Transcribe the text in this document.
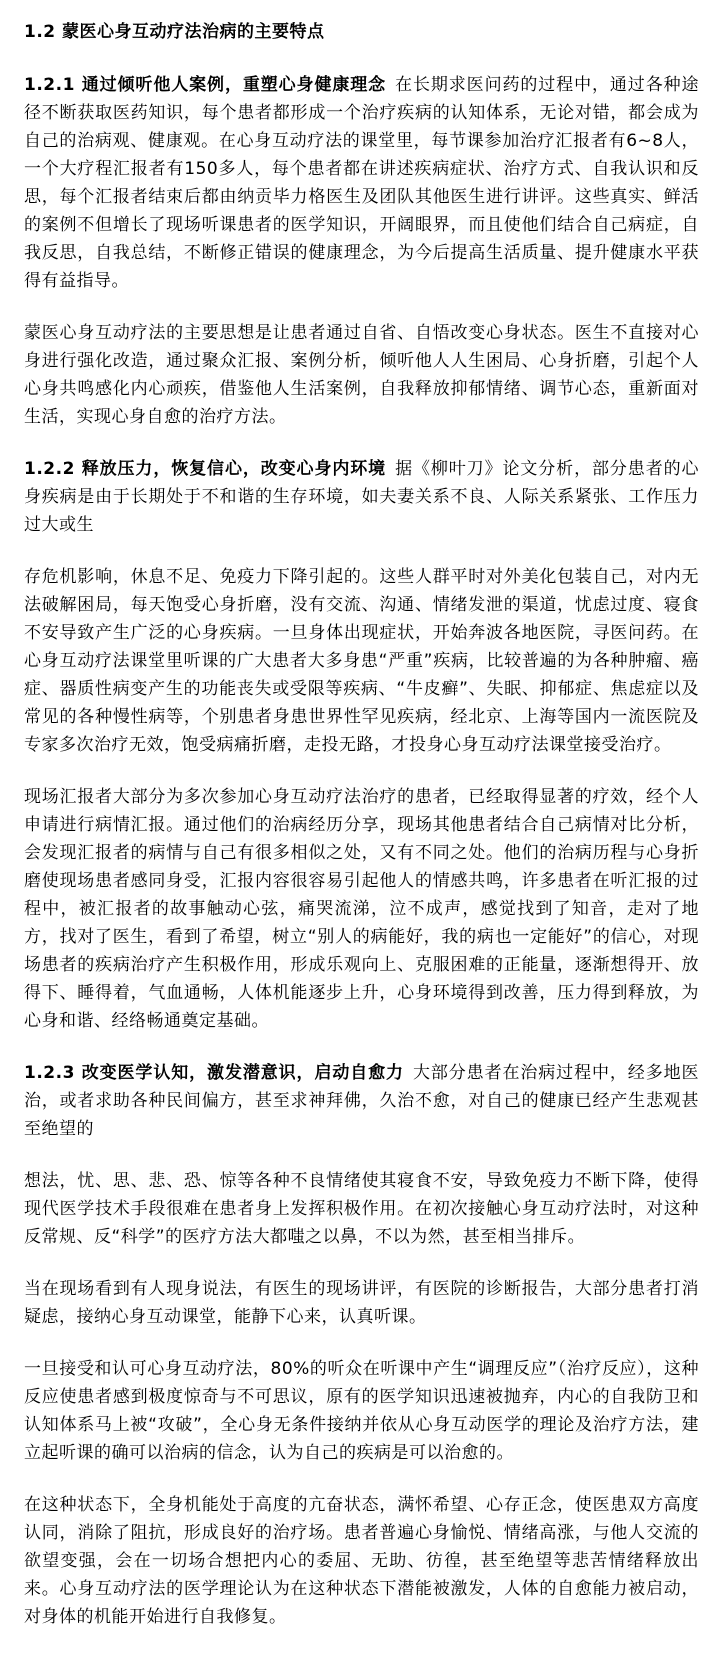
1.2 蒙医心身互动疗法治病的主要特点

1.2.1 通过倾听他人案例，重塑心身健康理念 在长期求医问药的过程中，通过各种途径不断获取医药知识，每个患者都形成一个治疗疾病的认知体系，无论对错，都会成为自己的治病观、健康观。在心身互动疗法的课堂里，每节课参加治疗汇报者有6~8人，一个大疗程汇报者有150多人，每个患者都在讲述疾病症状、治疗方式、自我认识和反思，每个汇报者结束后都由纳贡毕力格医生及团队其他医生进行讲评。这些真实、鲜活的案例不但增长了现场听课患者的医学知识，开阔眼界，而且使他们结合自己病症，自我反思，自我总结，不断修正错误的健康理念，为今后提高生活质量、提升健康水平获得有益指导。

蒙医心身互动疗法的主要思想是让患者通过自省、自悟改变心身状态。医生不直接对心身进行强化改造，通过聚众汇报、案例分析，倾听他人人生困局、心身折磨，引起个人心身共鸣感化内心顽疾，借鉴他人生活案例，自我释放抑郁情绪、调节心态，重新面对生活，实现心身自愈的治疗方法。

1.2.2 释放压力，恢复信心，改变心身内环境 据《柳叶刀》论文分析，部分患者的心身疾病是由于长期处于不和谐的生存环境，如夫妻关系不良、人际关系紧张、工作压力过大或生

存危机影响，休息不足、免疫力下降引起的。这些人群平时对外美化包装自己，对内无法破解困局，每天饱受心身折磨，没有交流、沟通、情绪发泄的渠道，忧虑过度、寝食不安导致产生广泛的心身疾病。一旦身体出现症状，开始奔波各地医院，寻医问药。在心身互动疗法课堂里听课的广大患者大多身患“严重”疾病，比较普遍的为各种肿瘤、癌症、器质性病变产生的功能丧失或受限等疾病、“牛皮癣”、失眠、抑郁症、焦虑症以及常见的各种慢性病等，个别患者身患世界性罕见疾病，经北京、上海等国内一流医院及专家多次治疗无效，饱受病痛折磨，走投无路，才投身心身互动疗法课堂接受治疗。

现场汇报者大部分为多次参加心身互动疗法治疗的患者，已经取得显著的疗效，经个人申请进行病情汇报。通过他们的治病经历分享，现场其他患者结合自己病情对比分析，会发现汇报者的病情与自己有很多相似之处，又有不同之处。他们的治病历程与心身折磨使现场患者感同身受，汇报内容很容易引起他人的情感共鸣，许多患者在听汇报的过程中，被汇报者的故事触动心弦，痛哭流涕，泣不成声，感觉找到了知音，走对了地方，找对了医生，看到了希望，树立“别人的病能好，我的病也一定能好”的信心，对现场患者的疾病治疗产生积极作用，形成乐观向上、克服困难的正能量，逐渐想得开、放得下、睡得着，气血通畅，人体机能逐步上升，心身环境得到改善，压力得到释放，为心身和谐、经络畅通奠定基础。

1.2.3 改变医学认知，激发潜意识，启动自愈力 大部分患者在治病过程中，经多地医治，或者求助各种民间偏方，甚至求神拜佛，久治不愈，对自己的健康已经产生悲观甚至绝望的

想法，忧、思、悲、恐、惊等各种不良情绪使其寝食不安，导致免疫力不断下降，使得现代医学技术手段很难在患者身上发挥积极作用。在初次接触心身互动疗法时，对这种反常规、反“科学”的医疗方法大都嗤之以鼻，不以为然，甚至相当排斥。

当在现场看到有人现身说法，有医生的现场讲评，有医院的诊断报告，大部分患者打消疑虑，接纳心身互动课堂，能静下心来，认真听课。

一旦接受和认可心身互动疗法，80%的听众在听课中产生“调理反应”（治疗反应），这种反应使患者感到极度惊奇与不可思议，原有的医学知识迅速被抛弃，内心的自我防卫和认知体系马上被“攻破”，全心身无条件接纳并依从心身互动医学的理论及治疗方法，建立起听课的确可以治病的信念，认为自己的疾病是可以治愈的。

在这种状态下，全身机能处于高度的亢奋状态，满怀希望、心存正念，使医患双方高度认同，消除了阻抗，形成良好的治疗场。患者普遍心身愉悦、情绪高涨，与他人交流的欲望变强，会在一切场合想把内心的委屈、无助、彷徨，甚至绝望等悲苦情绪释放出来。心身互动疗法的医学理论认为在这种状态下潜能被激发，人体的自愈能力被启动，对身体的机能开始进行自我修复。
